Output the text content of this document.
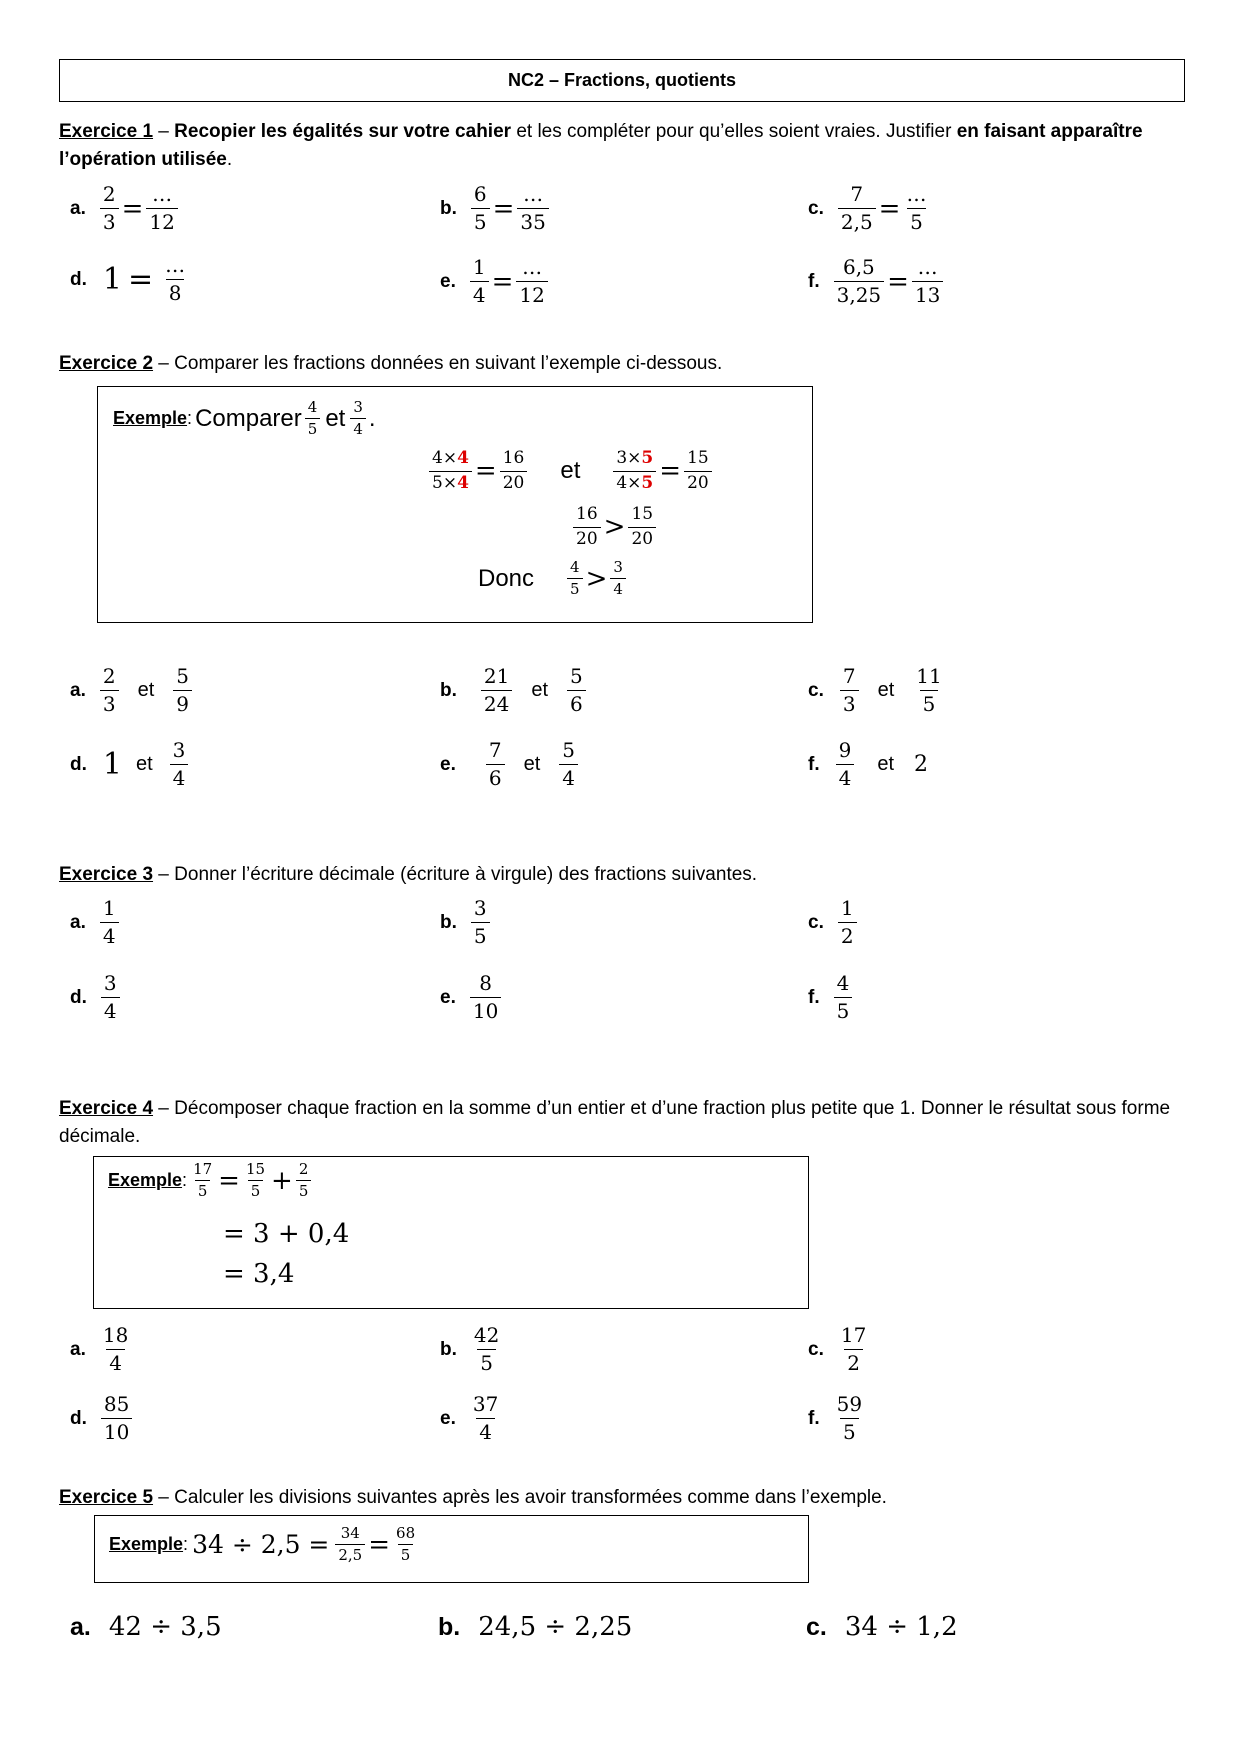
NC2 – Fractions, quotients
Exercice 1 – Recopier les égalités sur votre cahier et les compléter pour qu’elles soient vraies. Justifier en faisant apparaître l’opération utilisée.
a. $\frac{2}{3} = \frac{\dots}{12}$	b. $\frac{6}{5} = \frac{\dots}{35}$	c. $\frac{7}{2,5} = \frac{\dots}{5}$
d. $1 = \frac{\dots}{8}$	e. $\frac{1}{4} = \frac{\dots}{12}$	f. $\frac{6,5}{3,25} = \frac{\dots}{13}$
Exercice 2 – Comparer les fractions données en suivant l’exemple ci-dessous.
Exemple : Comparer $\frac{4}{5}$ et $\frac{3}{4}$ .
$\frac{4\times 4}{5\times 4} = \frac{16}{20}$ et $\frac{3\times 5}{4\times 5} = \frac{15}{20}$
$\frac{16}{20} > \frac{15}{20}$
Donc $\frac{4}{5} > \frac{3}{4}$
a. $\frac{2}{3}$ et $\frac{5}{9}$	b. $\frac{21}{24}$ et $\frac{5}{6}$	c. $\frac{7}{3}$ et $\frac{11}{5}$
d. 1 et $\frac{3}{4}$	e. $\frac{7}{6}$ et $\frac{5}{4}$	f. $\frac{9}{4}$ et 2
Exercice 3 – Donner l’écriture décimale (écriture à virgule) des fractions suivantes.
a. $\frac{1}{4}$	b. $\frac{3}{5}$	c. $\frac{1}{2}$
d. $\frac{3}{4}$	e. $\frac{8}{10}$	f. $\frac{4}{5}$
Exercice 4 – Décomposer chaque fraction en la somme d’un entier et d’une fraction plus petite que 1. Donner le résultat sous forme décimale.
Exemple : $\frac{17}{5} = \frac{15}{5} + \frac{2}{5}$
= 3 + 0,4
= 3,4
a. $\frac{18}{4}$	b. $\frac{42}{5}$	c. $\frac{17}{2}$
d. $\frac{85}{10}$	e. $\frac{37}{4}$	f. $\frac{59}{5}$
Exercice 5 – Calculer les divisions suivantes après les avoir transformées comme dans l’exemple.
Exemple : $34 \div 2,5 = \frac{34}{2,5} = \frac{68}{5}$
a. 42 ÷ 3,5	b. 24,5 ÷ 2,25	c. 34 ÷ 1,2
